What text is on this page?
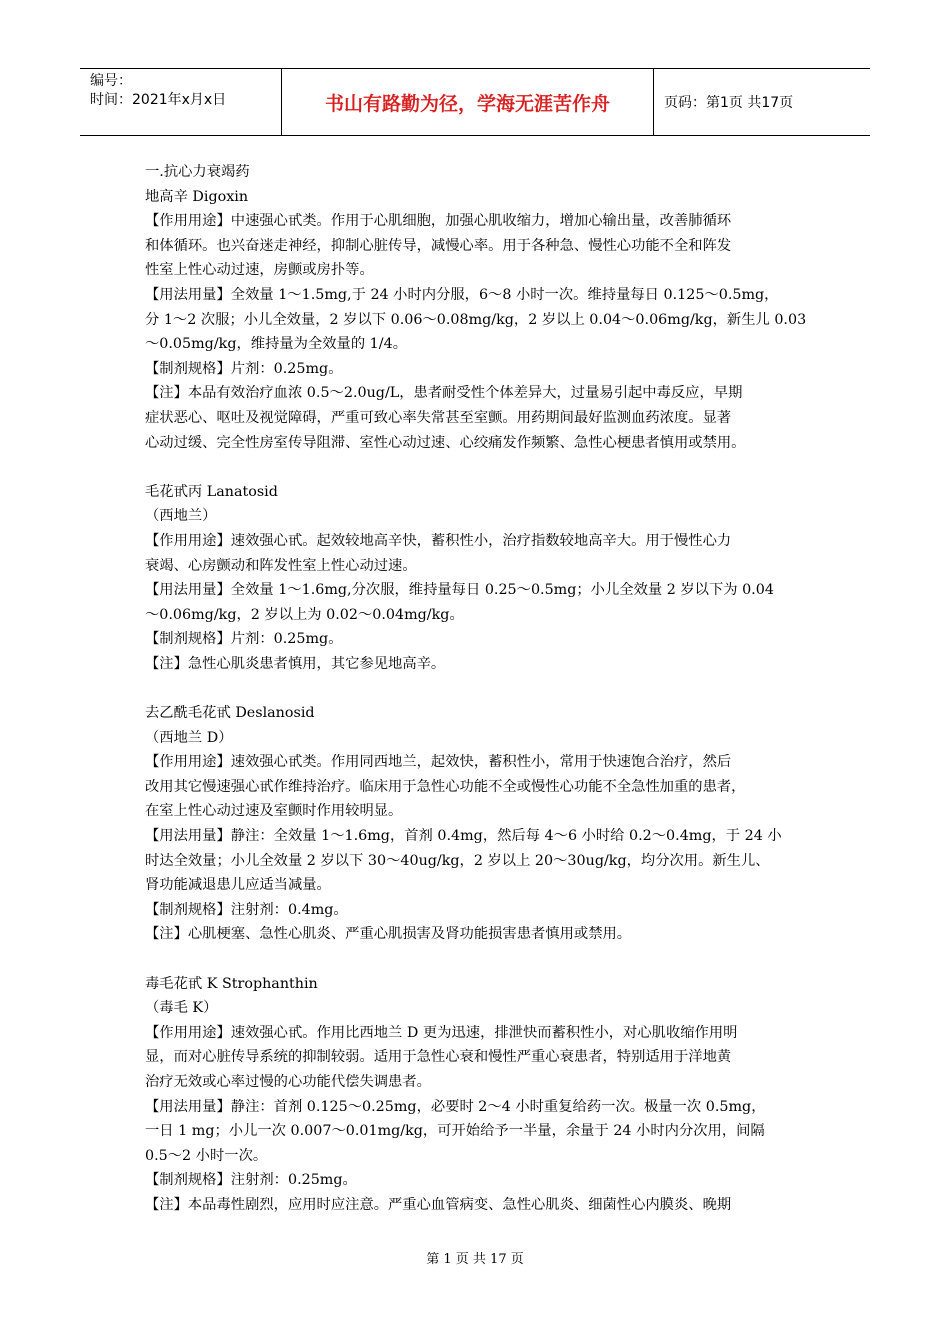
编号：
时间：2021年x月x日	书山有路勤为径，学海无涯苦作舟	页码：第1页 共17页
一.抗心力衰竭药
地高辛 Digoxin
【作用用途】中速强心甙类。作用于心肌细胞，加强心肌收缩力，增加心输出量，改善肺循环
和体循环。也兴奋迷走神经，抑制心脏传导，减慢心率。用于各种急、慢性心功能不全和阵发
性室上性心动过速，房颤或房扑等。
【用法用量】全效量 1～1.5mg,于 24 小时内分服，6～8 小时一次。维持量每日 0.125～0.5mg，
分 1～2 次服；小儿全效量，2 岁以下 0.06～0.08mg/kg，2 岁以上 0.04～0.06mg/kg，新生儿 0.03
～0.05mg/kg，维持量为全效量的 1/4。
【制剂规格】片剂：0.25mg。
【注】本品有效治疗血浓 0.5～2.0ug/L，患者耐受性个体差异大，过量易引起中毒反应，早期
症状恶心、呕吐及视觉障碍，严重可致心率失常甚至室颤。用药期间最好监测血药浓度。显著
心动过缓、完全性房室传导阻滞、室性心动过速、心绞痛发作频繁、急性心梗患者慎用或禁用。
毛花甙丙 Lanatosid
（西地兰）
【作用用途】速效强心甙。起效较地高辛快，蓄积性小，治疗指数较地高辛大。用于慢性心力
衰竭、心房颤动和阵发性室上性心动过速。
【用法用量】全效量 1～1.6mg,分次服，维持量每日 0.25～0.5mg；小儿全效量 2 岁以下为 0.04
～0.06mg/kg，2 岁以上为 0.02～0.04mg/kg。
【制剂规格】片剂：0.25mg。
【注】急性心肌炎患者慎用，其它参见地高辛。
去乙酰毛花甙 Deslanosid
（西地兰 D）
【作用用途】速效强心甙类。作用同西地兰，起效快，蓄积性小，常用于快速饱合治疗，然后
改用其它慢速强心甙作维持治疗。临床用于急性心功能不全或慢性心功能不全急性加重的患者，
在室上性心动过速及室颤时作用较明显。
【用法用量】静注：全效量 1～1.6mg，首剂 0.4mg，然后每 4～6 小时给 0.2～0.4mg，于 24 小
时达全效量；小儿全效量 2 岁以下 30～40ug/kg，2 岁以上 20～30ug/kg，均分次用。新生儿、
肾功能减退患儿应适当减量。
【制剂规格】注射剂：0.4mg。
【注】心肌梗塞、急性心肌炎、严重心肌损害及肾功能损害患者慎用或禁用。
毒毛花甙 K Strophanthin
（毒毛 K）
【作用用途】速效强心甙。作用比西地兰 D 更为迅速，排泄快而蓄积性小，对心肌收缩作用明
显，而对心脏传导系统的抑制较弱。适用于急性心衰和慢性严重心衰患者，特别适用于洋地黄
治疗无效或心率过慢的心功能代偿失调患者。
【用法用量】静注：首剂 0.125～0.25mg，必要时 2～4 小时重复给药一次。极量一次 0.5mg，
一日 1 mg；小儿一次 0.007～0.01mg/kg，可开始给予一半量，余量于 24 小时内分次用，间隔
0.5～2 小时一次。
【制剂规格】注射剂：0.25mg。
【注】本品毒性剧烈，应用时应注意。严重心血管病变、急性心肌炎、细菌性心内膜炎、晚期
第 1 页 共 17 页
